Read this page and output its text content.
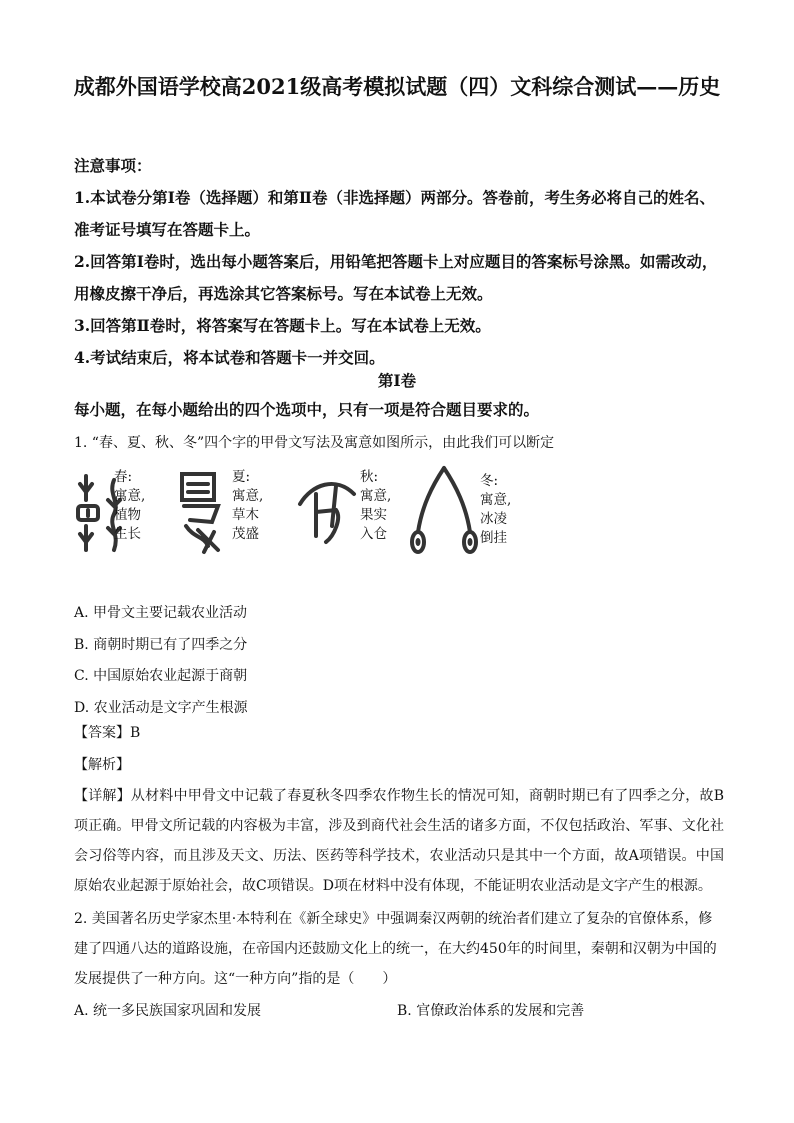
成都外国语学校高2021级高考模拟试题（四）文科综合测试——历史

注意事项：

1.本试卷分第Ⅰ卷（选择题）和第Ⅱ卷（非选择题）两部分。答卷前，考生务必将自己的姓名、准考证号填写在答题卡上。

2.回答第Ⅰ卷时，选出每小题答案后，用铅笔把答题卡上对应题目的答案标号涂黑。如需改动，用橡皮擦干净后，再选涂其它答案标号。写在本试卷上无效。

3.回答第Ⅱ卷时，将答案写在答题卡上。写在本试卷上无效。

4.考试结束后，将本试卷和答题卡一并交回。

第Ⅰ卷
每小题，在每小题给出的四个选项中，只有一项是符合题目要求的。
1. “春、夏、秋、冬”四个字的甲骨文写法及寓意如图所示，由此我们可以断定
春:
寓意,
植物
生长
夏:
寓意,
草木
茂盛
秋:
寓意,
果实
入仓
冬:
寓意,
冰凌
倒挂

A. 甲骨文主要记载农业活动

B. 商朝时期已有了四季之分

C. 中国原始农业起源于商朝

D. 农业活动是文字产生根源

【答案】B
【解析】
【详解】从材料中甲骨文中记载了春夏秋冬四季农作物生长的情况可知，商朝时期已有了四季之分，故B项正确。甲骨文所记载的内容极为丰富，涉及到商代社会生活的诸多方面，不仅包括政治、军事、文化社会习俗等内容，而且涉及天文、历法、医药等科学技术，农业活动只是其中一个方面，故A项错误。中国原始农业起源于原始社会，故C项错误。D项在材料中没有体现，不能证明农业活动是文字产生的根源。
2. 美国著名历史学家杰里·本特利在《新全球史》中强调秦汉两朝的统治者们建立了复杂的官僚体系，修建了四通八达的道路设施，在帝国内还鼓励文化上的统一，在大约450年的时间里，秦朝和汉朝为中国的发展提供了一种方向。这“一种方向”指的是（　　）
A. 统一多民族国家巩固和发展	B. 官僚政治体系的发展和完善
